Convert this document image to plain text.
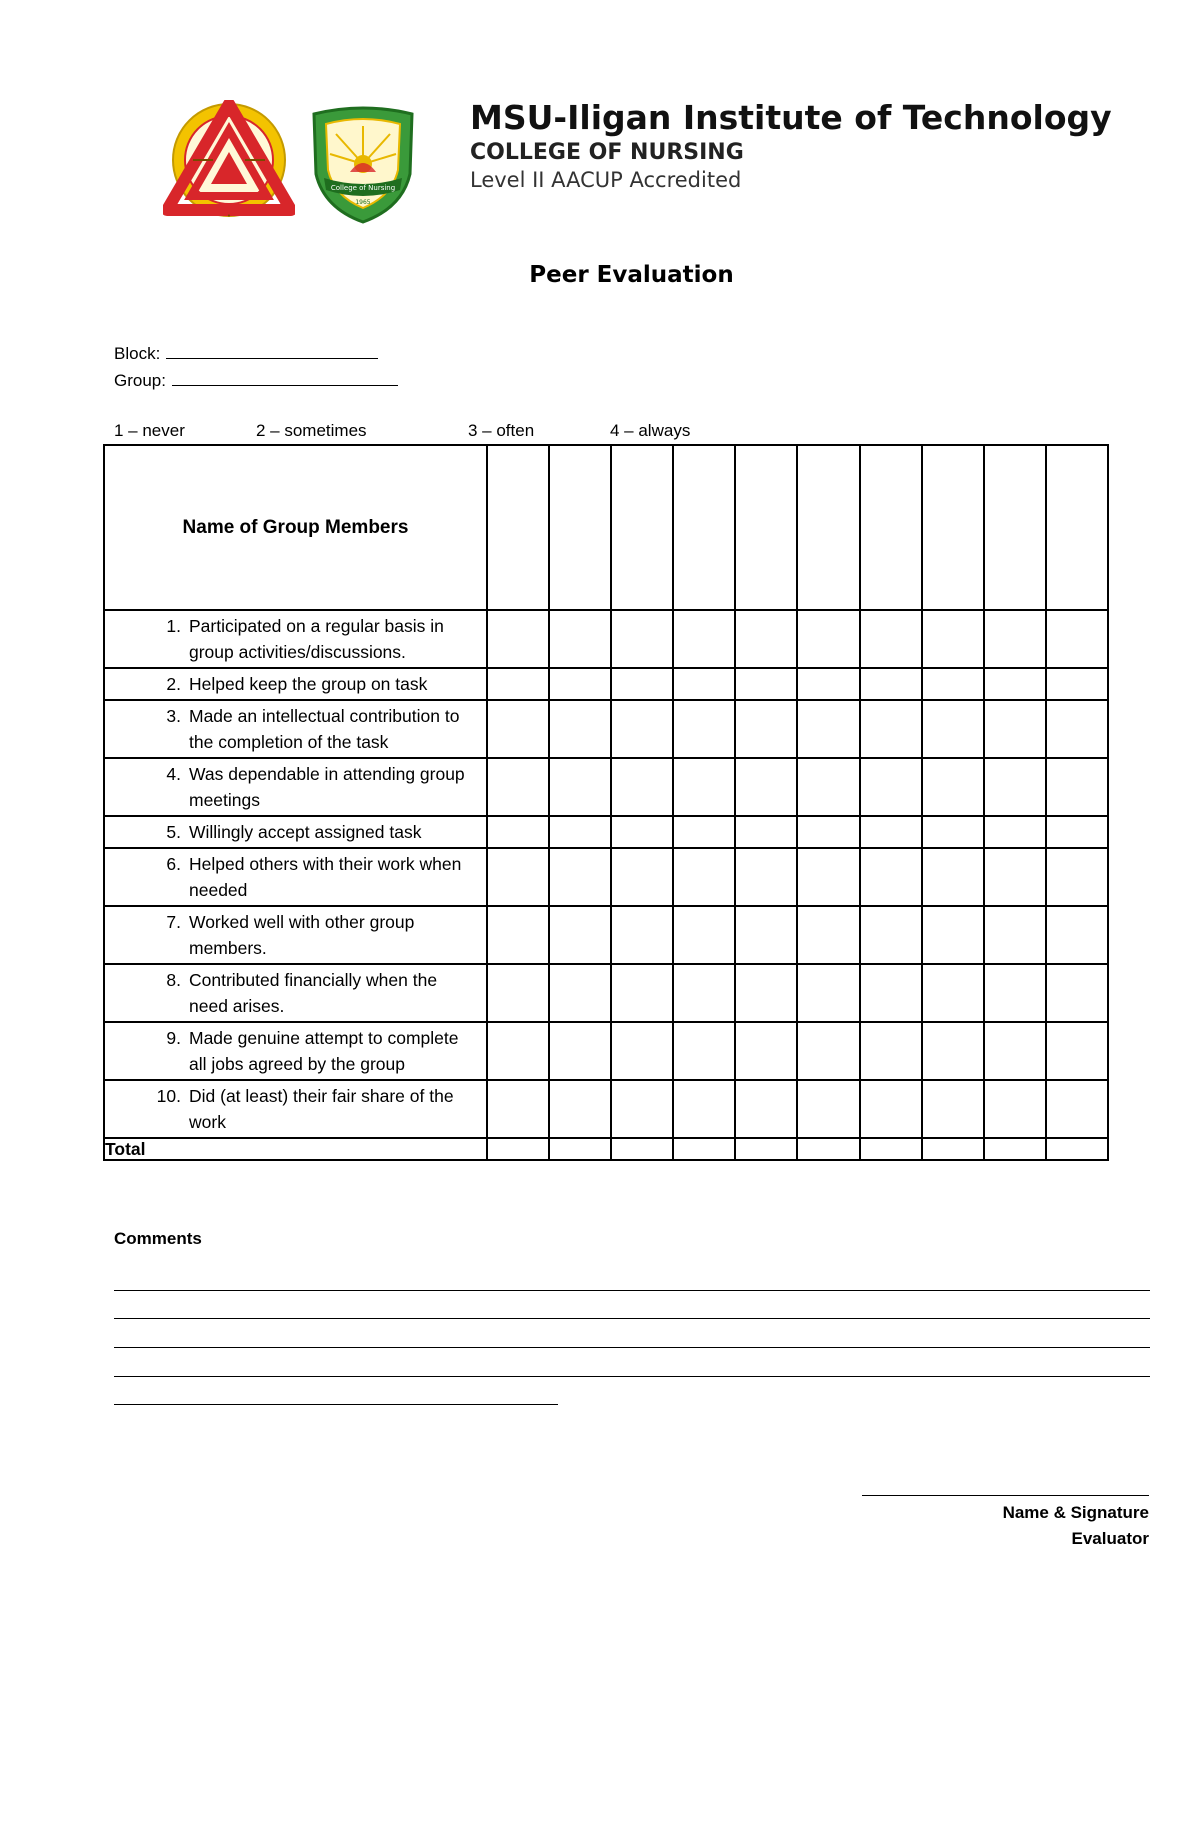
•
College of Nursing
1965
MSU-Iligan Institute of Technology
COLLEGE OF NURSING
Level II AACUP Accredited
Peer Evaluation
Block:
Group:
1 – never	2 – sometimes	3 – often	4 – always
Name of Group Members										

1. Participated on a regular basis in group activities/discussions.										

2. Helped keep the group on task										

3. Made an intellectual contribution to the completion of the task										

4. Was dependable in attending group meetings										

5. Willingly accept assigned task										

6. Helped others with their work when needed										

7. Worked well with other group members.										

8. Contributed financially when the need arises.										

9. Made genuine attempt to complete all jobs agreed by the group										

10. Did (at least) their fair share of the work										

Total										
Comments
Name & Signature
Evaluator
